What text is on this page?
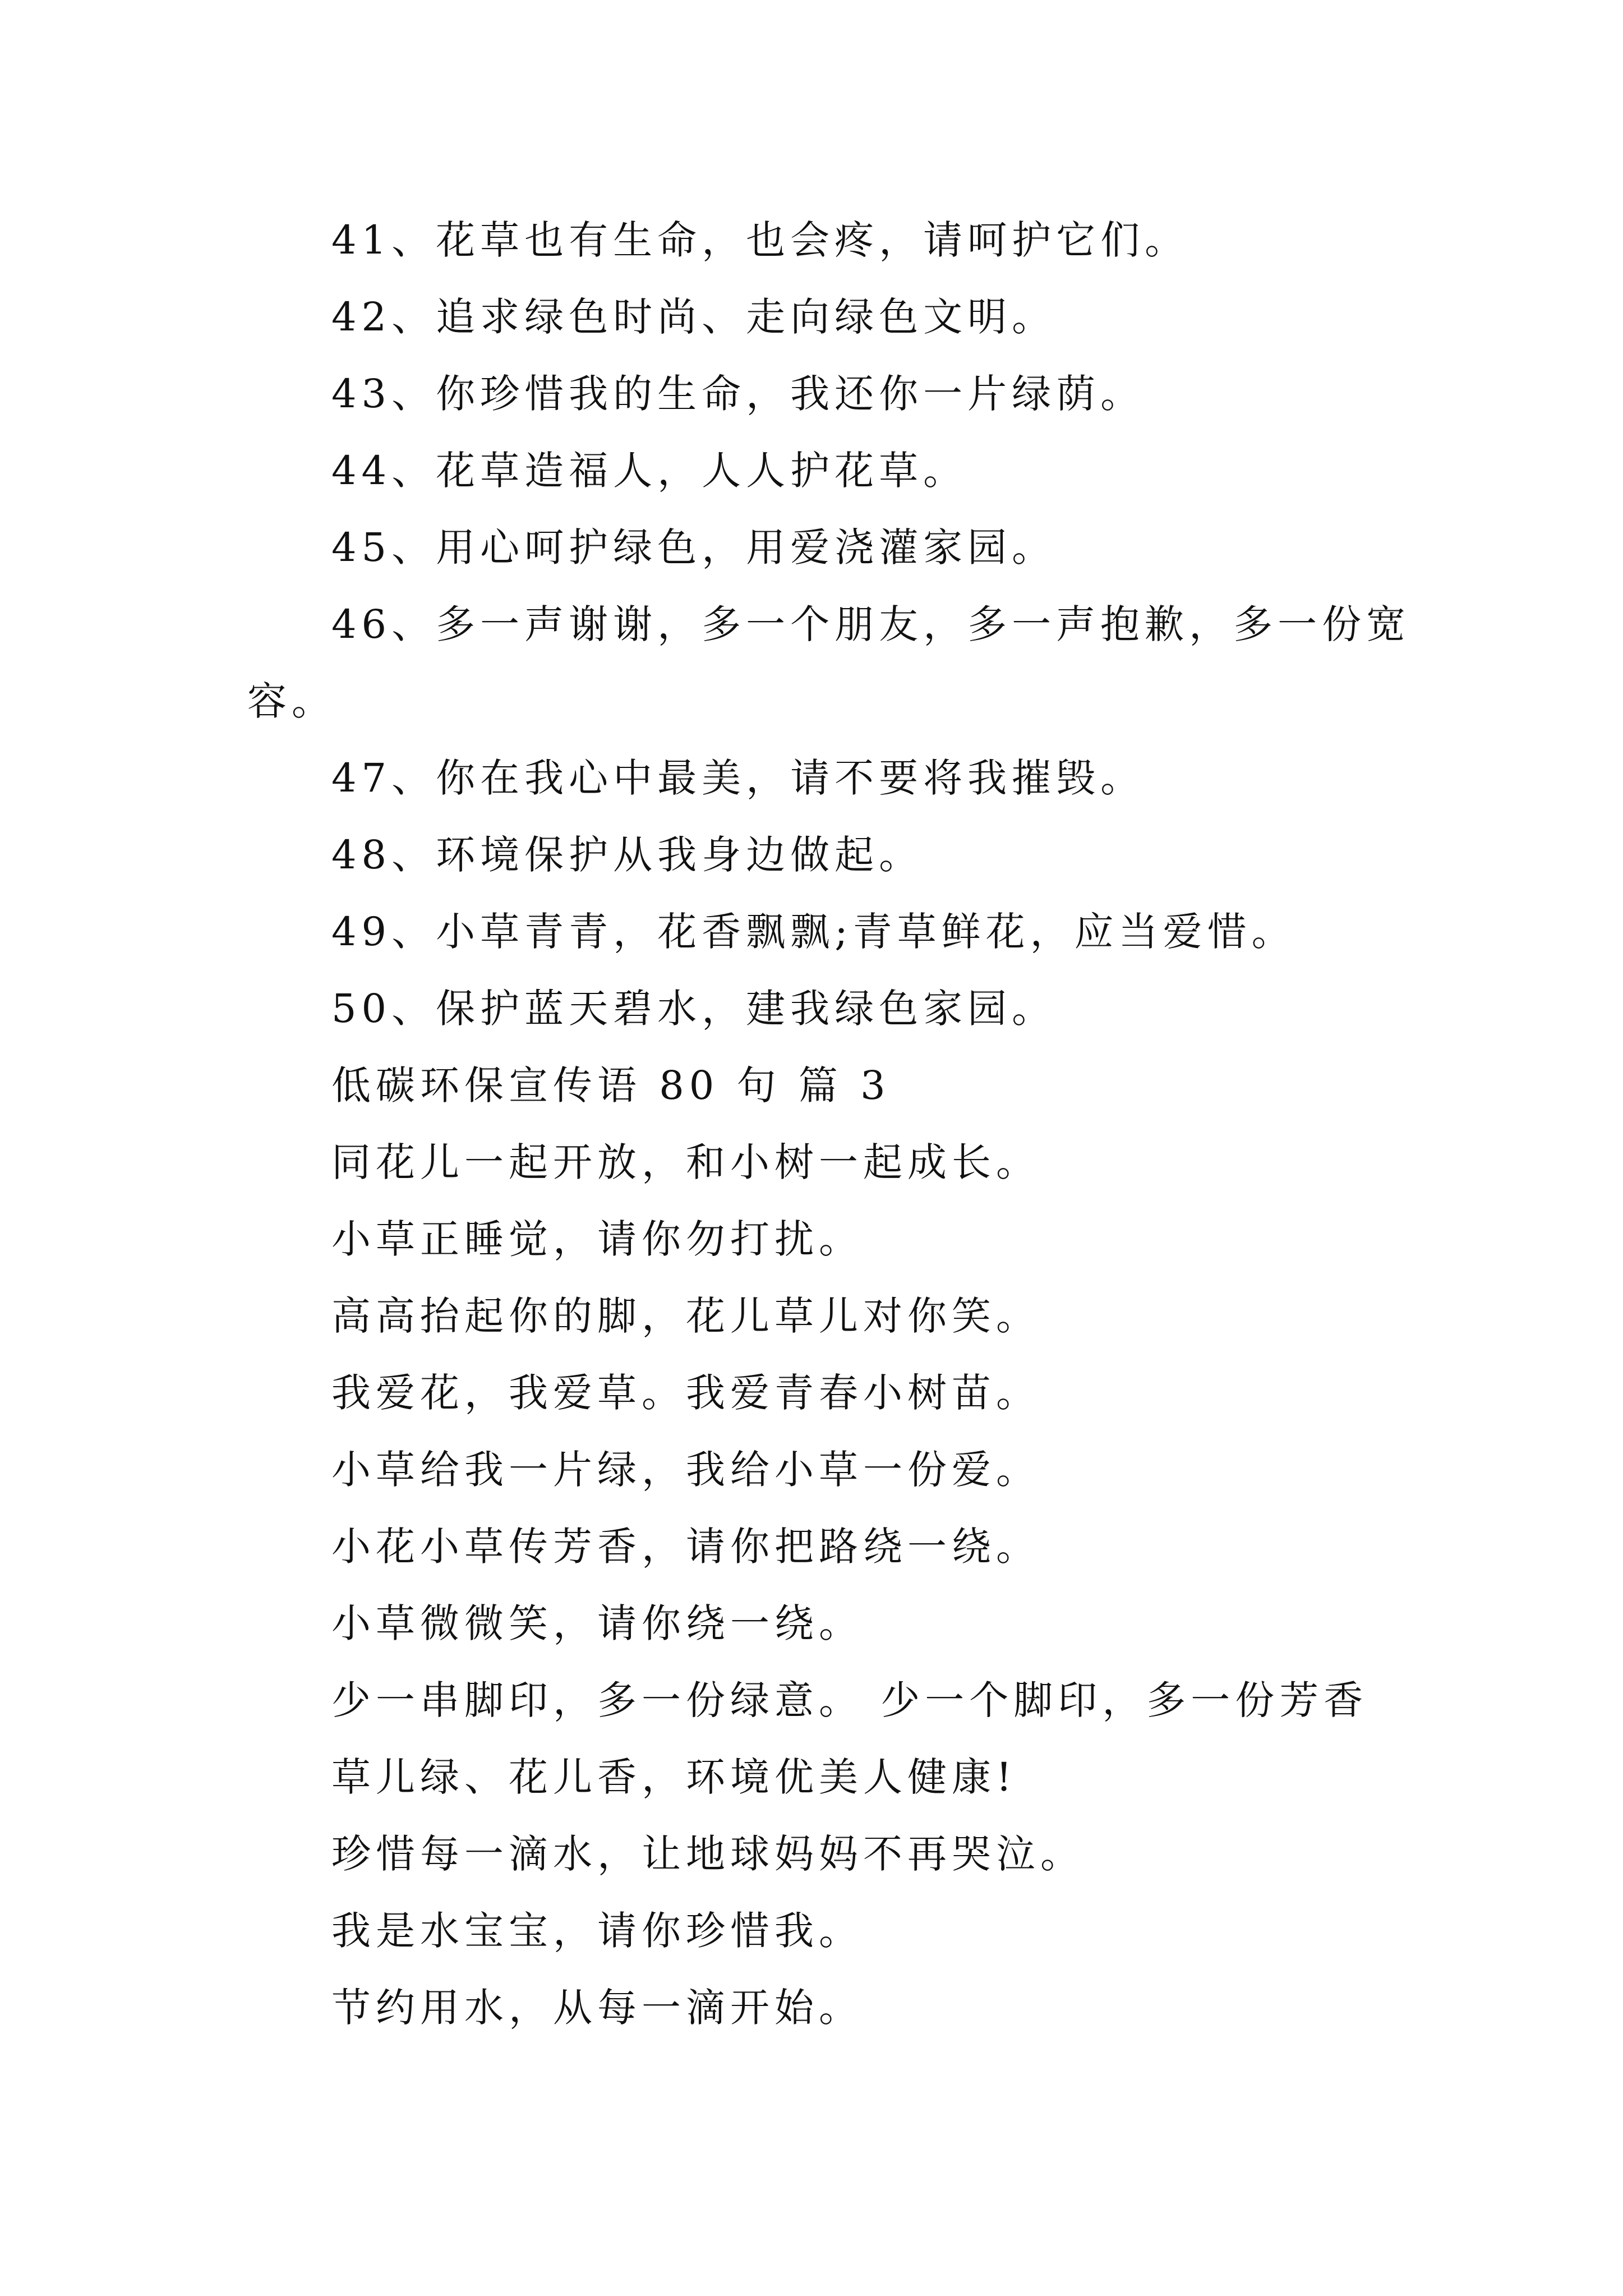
41、花草也有生命，也会疼，请呵护它们。
42、追求绿色时尚、走向绿色文明。
43、你珍惜我的生命，我还你一片绿荫。
44、花草造福人，人人护花草。
45、用心呵护绿色，用爱浇灌家园。
46、多一声谢谢，多一个朋友，多一声抱歉，多一份宽
容。
47、你在我心中最美，请不要将我摧毁。
48、环境保护从我身边做起。
49、小草青青，花香飘飘;青草鲜花，应当爱惜。
50、保护蓝天碧水，建我绿色家园。
低碳环保宣传语 80 句 篇 3
同花儿一起开放，和小树一起成长。
小草正睡觉，请你勿打扰。
高高抬起你的脚，花儿草儿对你笑。
我爱花，我爱草。我爱青春小树苗。
小草给我一片绿，我给小草一份爱。
小花小草传芳香，请你把路绕一绕。
小草微微笑，请你绕一绕。
少一串脚印，多一份绿意。 少一个脚印，多一份芳香
草儿绿、花儿香，环境优美人健康!
珍惜每一滴水，让地球妈妈不再哭泣。
我是水宝宝，请你珍惜我。
节约用水，从每一滴开始。
